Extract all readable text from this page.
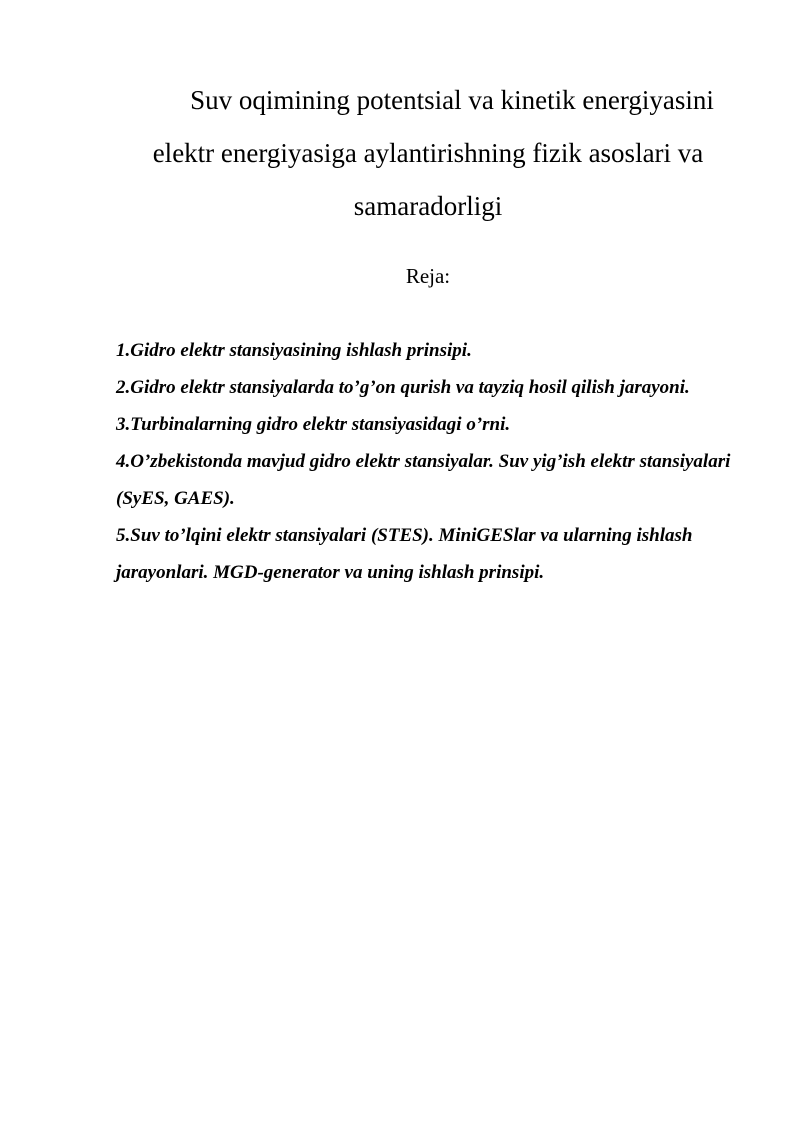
Suv oqimining potentsial va kinetik energiyasini elektr energiyasiga aylantirishning fizik asoslari va samaradorligi
Reja:
1.Gidro elektr stansiyasining ishlash prinsipi.
2.Gidro elektr stansiyalarda to’g’on qurish va tayziq hosil qilish jarayoni.
3.Turbinalarning gidro elektr stansiyasidagi o’rni.
4.O’zbekistonda mavjud gidro elektr stansiyalar. Suv yig’ish elektr stansiyalari (SyES, GAES).
5.Suv to’lqini elektr stansiyalari (STES). MiniGESlar va ularning ishlash jarayonlari. MGD-generator va uning ishlash prinsipi.
